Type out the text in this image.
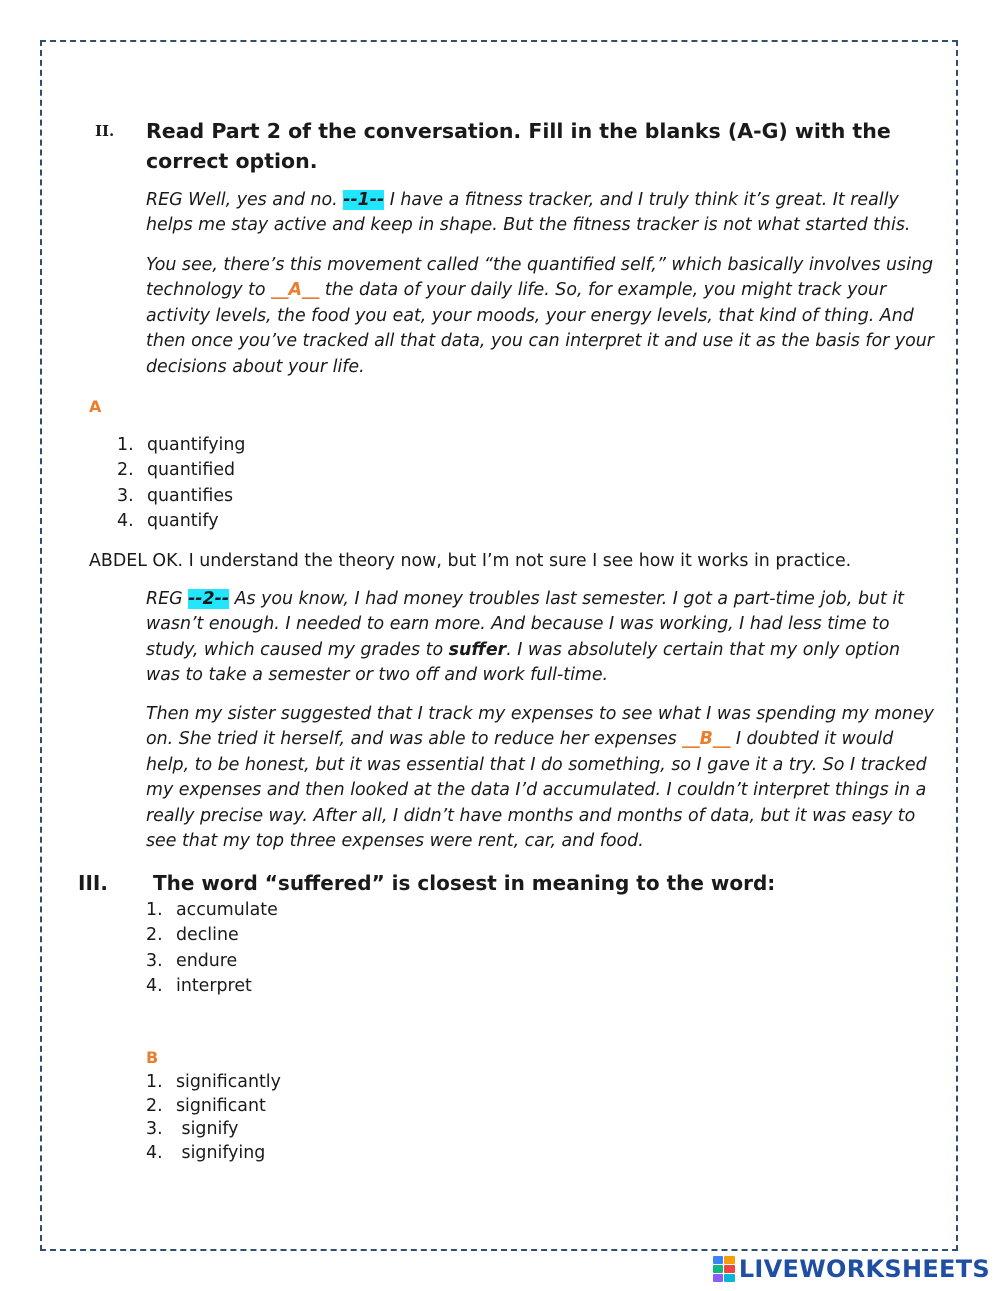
II. Read Part 2 of the conversation. Fill in the blanks (A-G) with the correct option.
REG Well, yes and no. --1-- I have a fitness tracker, and I truly think it’s great. It really helps me stay active and keep in shape. But the fitness tracker is not what started this.
You see, there’s this movement called “the quantified self,” which basically involves using technology to __A__ the data of your daily life. So, for example, you might track your activity levels, the food you eat, your moods, your energy levels, that kind of thing. And then once you’ve tracked all that data, you can interpret it and use it as the basis for your decisions about your life.
A
1. quantifying
2. quantified
3. quantifies
4. quantify
ABDEL OK. I understand the theory now, but I’m not sure I see how it works in practice.
REG --2-- As you know, I had money troubles last semester. I got a part-time job, but it wasn’t enough. I needed to earn more. And because I was working, I had less time to study, which caused my grades to suffer. I was absolutely certain that my only option was to take a semester or two off and work full-time.
Then my sister suggested that I track my expenses to see what I was spending my money on. She tried it herself, and was able to reduce her expenses __B__ I doubted it would help, to be honest, but it was essential that I do something, so I gave it a try. So I tracked my expenses and then looked at the data I’d accumulated. I couldn’t interpret things in a really precise way. After all, I didn’t have months and months of data, but it was easy to see that my top three expenses were rent, car, and food.
III. The word “suffered” is closest in meaning to the word:
1. accumulate
2. decline
3. endure
4. interpret
B
1. significantly
2. significant
3. signify
4. signifying
LIVEWORKSHEETS
